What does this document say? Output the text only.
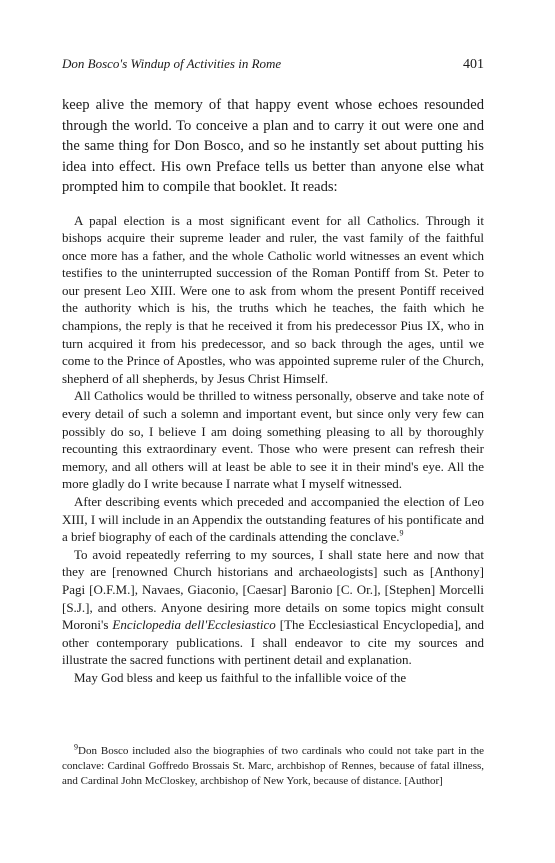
Don Bosco's Windup of Activities in Rome	401

keep alive the memory of that happy event whose echoes resounded through the world. To conceive a plan and to carry it out were one and the same thing for Don Bosco, and so he instantly set about putting his idea into effect. His own Preface tells us better than anyone else what prompted him to compile that booklet. It reads:

A papal election is a most significant event for all Catholics. Through it bishops acquire their supreme leader and ruler, the vast family of the faithful once more has a father, and the whole Catholic world witnesses an event which testifies to the uninterrupted succession of the Roman Pontiff from St. Peter to our present Leo XIII. Were one to ask from whom the present Pontiff received the authority which is his, the truths which he teaches, the faith which he champions, the reply is that he received it from his predecessor Pius IX, who in turn acquired it from his predecessor, and so back through the ages, until we come to the Prince of Apostles, who was appointed supreme ruler of the Church, shepherd of all shepherds, by Jesus Christ Himself.

All Catholics would be thrilled to witness personally, observe and take note of every detail of such a solemn and important event, but since only very few can possibly do so, I believe I am doing something pleasing to all by thoroughly recounting this extraordinary event. Those who were present can refresh their memory, and all others will at least be able to see it in their mind's eye. All the more gladly do I write because I narrate what I myself witnessed.

After describing events which preceded and accompanied the election of Leo XIII, I will include in an Appendix the outstanding features of his pontificate and a brief biography of each of the cardinals attending the conclave.$^9$

To avoid repeatedly referring to my sources, I shall state here and now that they are [renowned Church historians and archaeologists] such as [Anthony] Pagi [O.F.M.], Navaes, Giaconio, [Caesar] Baronio [C. Or.], [Stephen] Morcelli [S.J.], and others. Anyone desiring more details on some topics might consult Moroni's Enciclopedia dell'Ecclesiastico [The Ecclesiastical Encyclopedia], and other contemporary publications. I shall endeavor to cite my sources and illustrate the sacred functions with pertinent detail and explanation.

May God bless and keep us faithful to the infallible voice of the

$^9$Don Bosco included also the biographies of two cardinals who could not take part in the conclave: Cardinal Goffredo Brossais St. Marc, archbishop of Rennes, because of fatal illness, and Cardinal John McCloskey, archbishop of New York, because of distance. [Author]
